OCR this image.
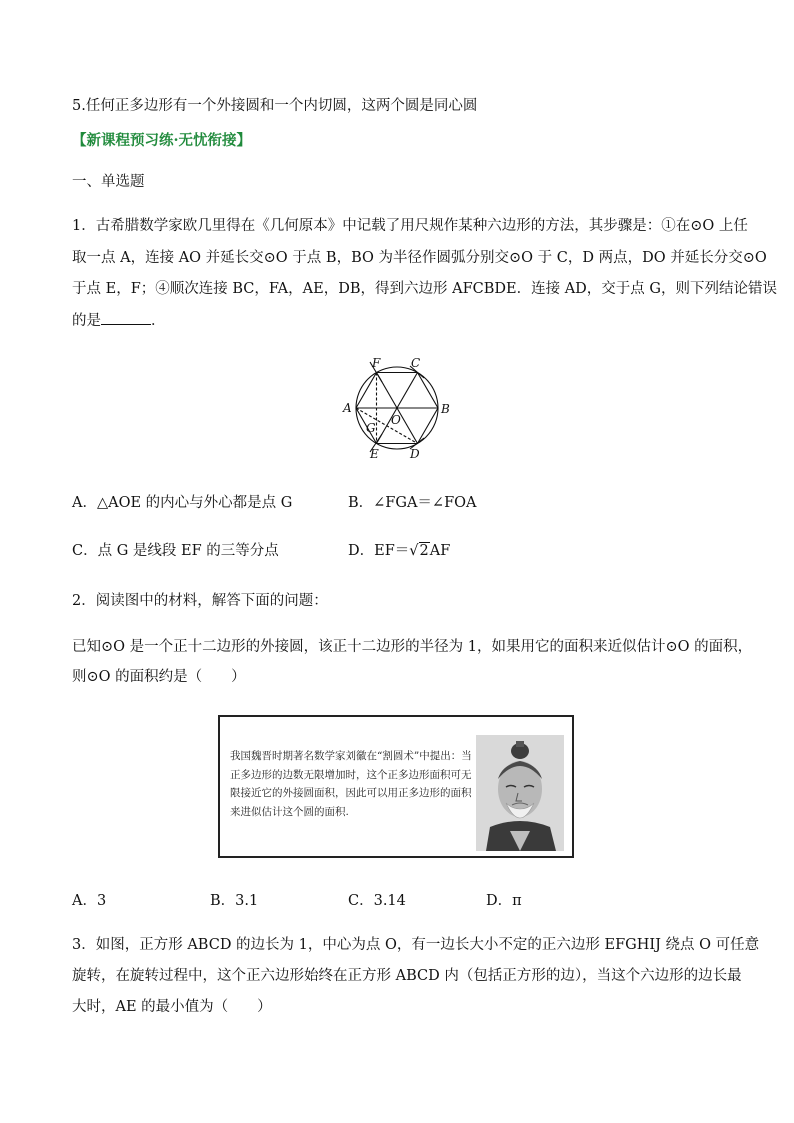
5.任何正多边形有一个外接圆和一个内切圆，这两个圆是同心圆
【新课程预习练·无忧衔接】
一、单选题
1．古希腊数学家欧几里得在《几何原本》中记载了用尺规作某种六边形的方法，其步骤是：①在⊙O 上任
取一点 A，连接 AO 并延长交⊙O 于点 B，BO 为半径作圆弧分别交⊙O 于 C，D 两点，DO 并延长分交⊙O
于点 E，F；④顺次连接 BC，FA，AE，DB，得到六边形 AFCBDE．连接 AD，交于点 G，则下列结论错误
的是	．
F	C
A	B
O
G
E	D
A．△AOE 的内心与外心都是点 G	B．∠FGA＝∠FOA
C．点 G 是线段 EF 的三等分点	D．EF＝√2AF
2．阅读图中的材料，解答下面的问题：
已知⊙O 是一个正十二边形的外接圆，该正十二边形的半径为 1，如果用它的面积来近似估计⊙O 的面积，
则⊙O 的面积约是（　　）
我国魏晋时期著名数学家刘徽在“割圆术”中提出：当正多边形的边数无限增加时，这个正多边形面积可无限接近它的外接圆面积，因此可以用正多边形的面积来进似估计这个圆的面积.
A．3	B．3.1	C．3.14	D．π
3．如图，正方形 ABCD 的边长为 1，中心为点 O，有一边长大小不定的正六边形 EFGHIJ 绕点 O 可任意
旋转，在旋转过程中，这个正六边形始终在正方形 ABCD 内（包括正方形的边），当这个六边形的边长最
大时，AE 的最小值为（　　）
